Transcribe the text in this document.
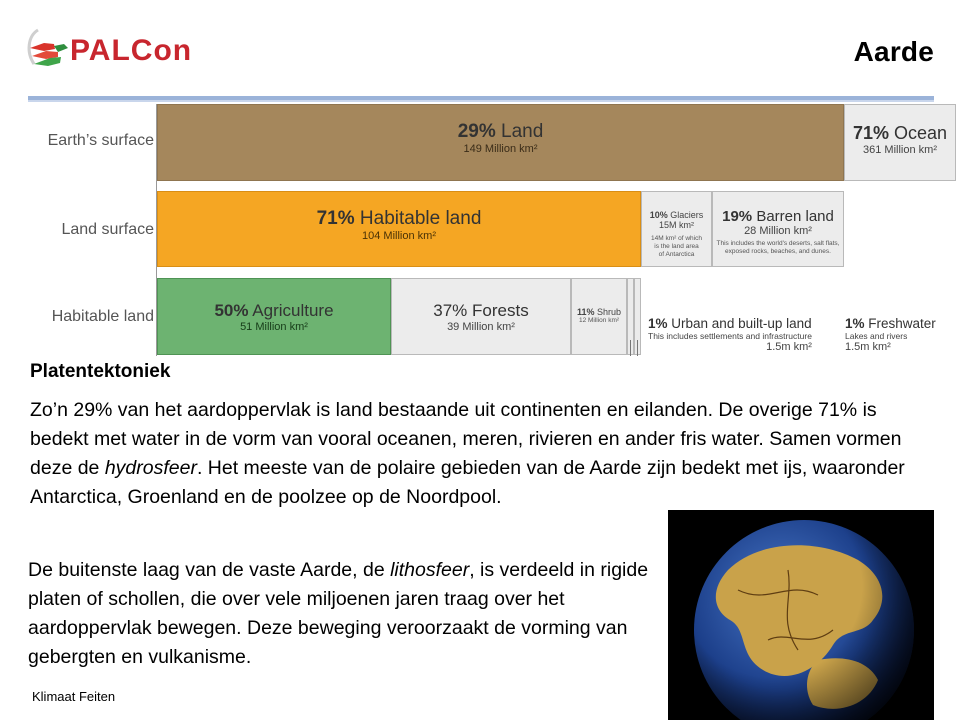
PALCon	Aarde
Earth’s surface
Land surface
Habitable land
29% Land
149 Million km²
71% Ocean
361 Million km²
71% Habitable land
104 Million km²
10% Glaciers
15M km²
14M km² of which
is the land area
of Antarctica
19% Barren land
28 Million km²
This includes the world's deserts, salt flats,
exposed rocks, beaches, and dunes.
50% Agriculture
51 Million km²
37% Forests
39 Million km²
11% Shrub
12 Million km²	1% Urban and built-up land
This includes settlements and infrastructure
1.5m km²
1% Freshwater
Lakes and rivers
1.5m km²
Platentektoniek
Zo’n 29% van het aardoppervlak is land bestaande uit continenten en eilanden. De overige 71% is bedekt met water in de vorm van vooral oceanen, meren, rivieren en ander fris water. Samen vormen deze de hydrosfeer. Het meeste van de polaire gebieden van de Aarde zijn bedekt met ijs, waaronder Antarctica, Groenland en de poolzee op de Noordpool.
De buitenste laag van de vaste Aarde, de lithosfeer, is verdeeld in rigide platen of schollen, die over vele miljoenen jaren traag over het aardoppervlak bewegen. Deze beweging veroorzaakt de vorming van gebergten en vulkanisme.
Klimaat Feiten
